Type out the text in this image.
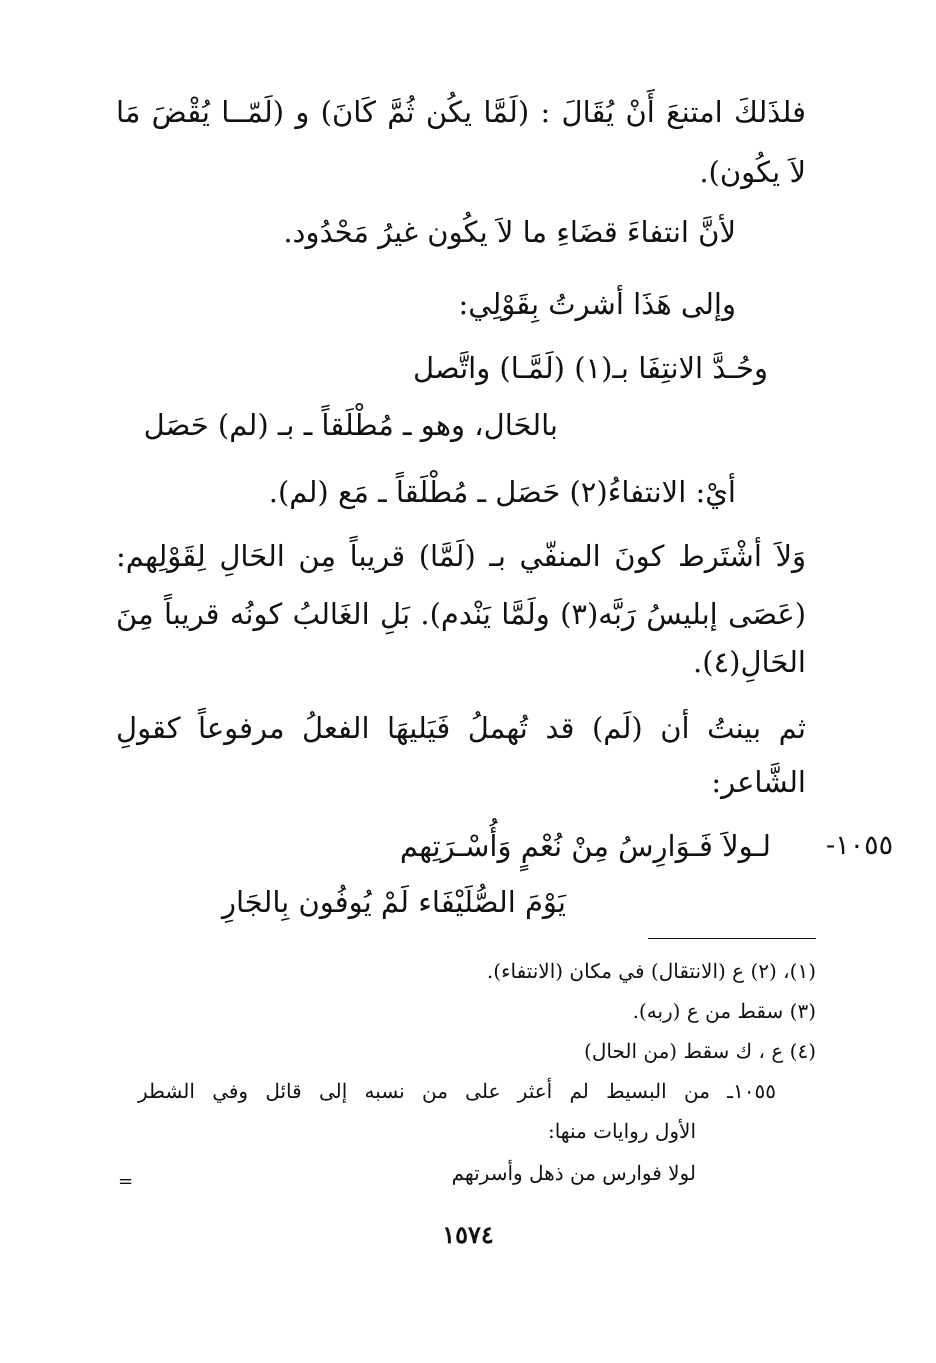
فلذَلكَ امتنعَ أَنْ يُقَالَ : (لَمَّا يكُن ثُمَّ كَانَ) و (لَمّــا يُقْضَ مَا
لاَ يكُون).
لأنَّ انتفاءَ قضَاءِ ما لاَ يكُون غيرُ مَحْدُود.
وإلى هَذَا أشرتُ بِقَوْلِي:
وحُـدَّ الانتِفَا بـ(١) (لَمَّـا) واتَّصل
بالحَال، وهو ـ مُطْلَقاً ـ بـ (لم) حَصَل
أيْ: الانتفاءُ(٢) حَصَل ـ مُطْلَقاً ـ مَع (لم).
وَلاَ أشْتَرط كونَ المنفّي بـ (لَمَّا) قريباً مِن الحَالِ لِقَوْلِهم:
(عَصَى إبليسُ رَبَّه(٣) ولَمَّا يَنْدم). بَلِ الغَالبُ كونُه قريباً مِنَ
الحَالِ(٤).
ثم بينتُ أن (لَم) قد تُهملُ فَيَليهَا الفعلُ مرفوعاً كقولِ
الشَّاعر:
١٠٥٥-
لـولاَ فَـوَارِسُ مِنْ نُعْمٍ وَأُسْـرَتِهم
يَوْمَ الصُّلَيْفَاء لَمْ يُوفُون بِالجَارِ
(١)، (٢) ع (الانتقال) في مكان (الانتفاء).
(٣) سقط من ع (ربه).
(٤) ع ، ك سقط (من الحال)
١٠٥٥ـ من البسيط لم أعثر على من نسبه إلى قائل وفي الشطر
الأول روايات منها:
لولا فوارس من ذهل وأسرتهم
=
١٥٧٤
